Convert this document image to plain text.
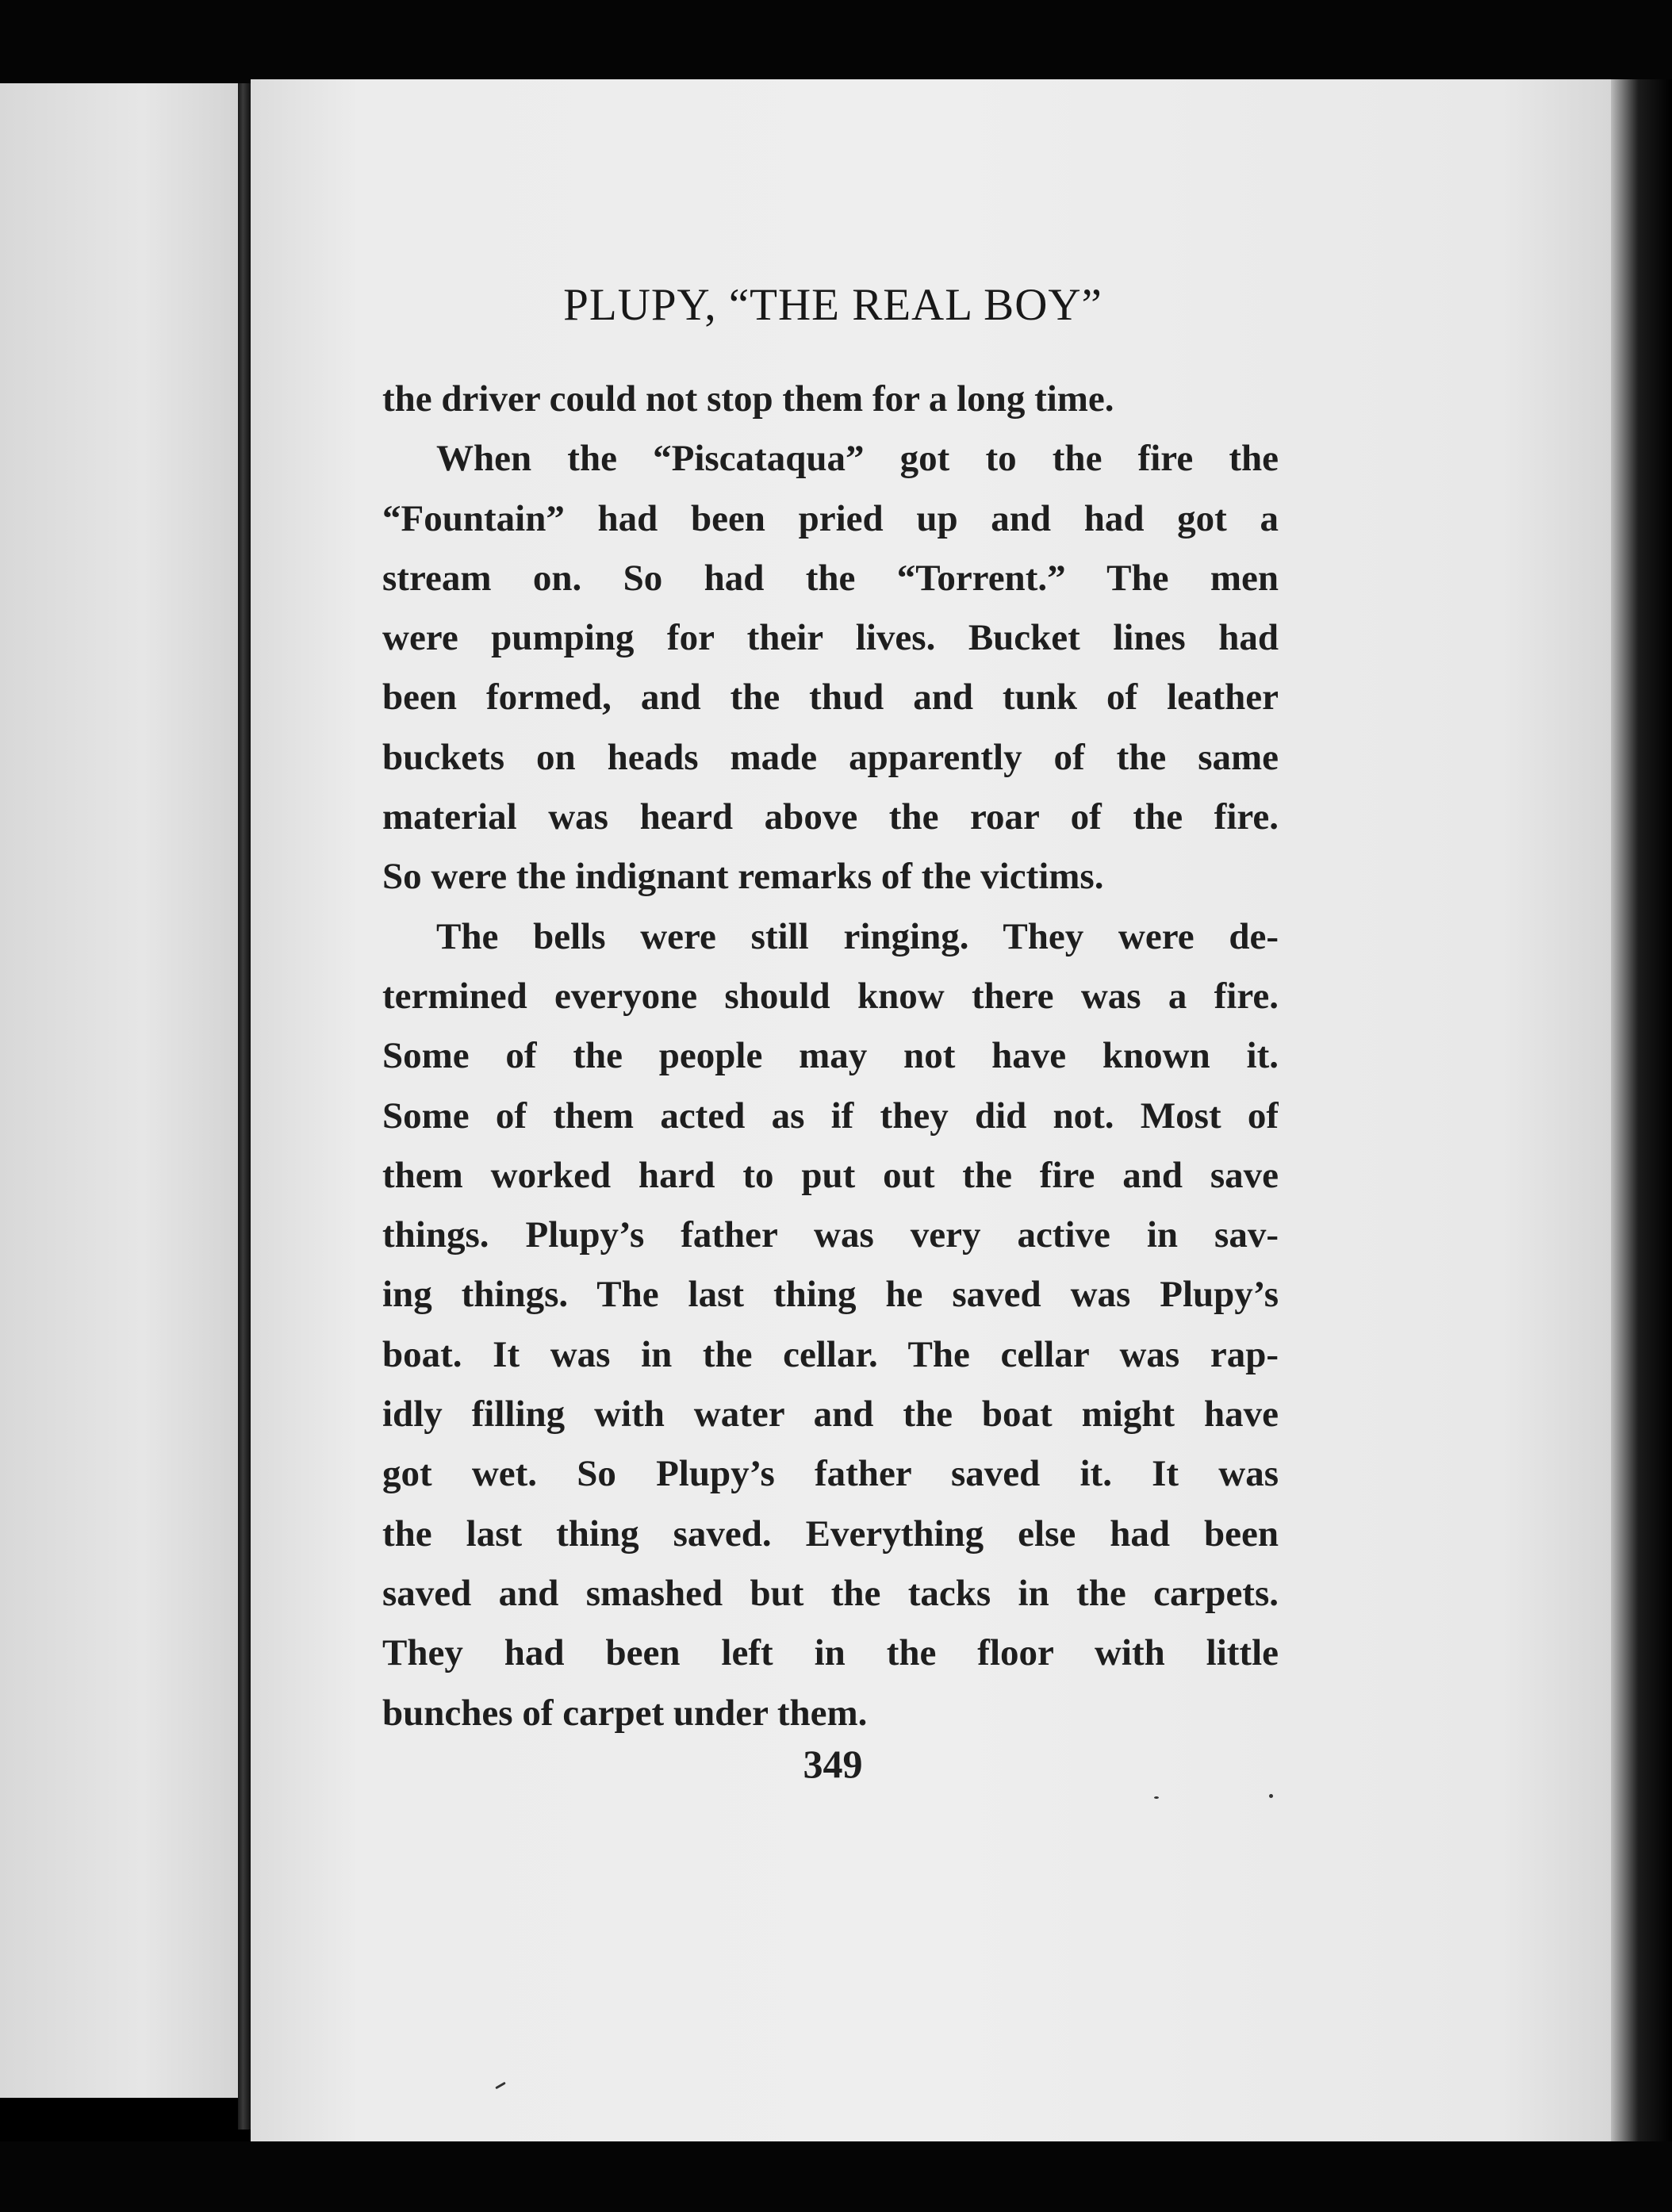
PLUPY, “THE REAL BOY”
the driver could not stop them for a long time.
When the “Piscataqua” got to the fire the
“Fountain” had been pried up and had got a
stream on. So had the “Torrent.” The men
were pumping for their lives. Bucket lines had
been formed, and the thud and tunk of leather
buckets on heads made apparently of the same
material was heard above the roar of the fire.
So were the indignant remarks of the victims.
The bells were still ringing. They were de-
termined everyone should know there was a fire.
Some of the people may not have known it.
Some of them acted as if they did not. Most of
them worked hard to put out the fire and save
things. Plupy’s father was very active in sav-
ing things. The last thing he saved was Plupy’s
boat. It was in the cellar. The cellar was rap-
idly filling with water and the boat might have
got wet. So Plupy’s father saved it. It was
the last thing saved. Everything else had been
saved and smashed but the tacks in the carpets.
They had been left in the floor with little
bunches of carpet under them.
349
